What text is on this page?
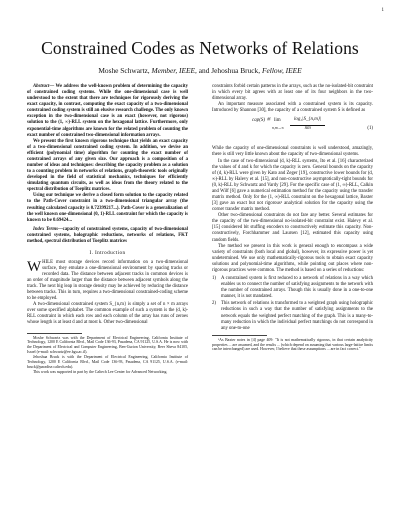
1
Constrained Codes as Networks of Relations
Moshe Schwartz, Member, IEEE, and Jehoshua Bruck, Fellow, IEEE

Abstract— We address the well-known problem of determining the capacity of constrained coding systems. While the one-dimensional case is well understood to the extent that there are techniques for rigorously deriving the exact capacity, in contrast, computing the exact capacity of a two-dimensional constrained coding system is still an elusive research challenge. The only known exception in the two-dimensional case is an exact (however, not rigorous) solution to the (1, ∞)-RLL system on the hexagonal lattice. Furthermore, only exponential-time algorithms are known for the related problem of counting the exact number of constrained two-dimensional information arrays.

We present the first known rigorous technique that yields an exact capacity of a two-dimensional constrained coding system. In addition, we devise an efficient (polynomial time) algorithm for counting the exact number of constrained arrays of any given size. Our approach is a composition of a number of ideas and techniques: describing the capacity problem as a solution to a counting problem in networks of relations, graph-theoretic tools originally developed in the field of statistical mechanics, techniques for efficiently simulating quantum circuits, as well as ideas from the theory related to the spectral distribution of Toeplitz matrices.

Using our technique we derive a closed form solution to the capacity related to the Path-Cover constraint in a two-dimensional triangular array (the resulting calculated capacity is 0.72399217...). Path-Cover is a generalization of the well known one-dimensional (0, 1)-RLL constraint for which the capacity is known to be 0.69424...

Index Terms—capacity of constrained systems, capacity of two-dimensional constrained systems, holographic reductions, networks of relations, FKT method, spectral distribution of Toeplitz matrices

I. Introduction

WHILE most storage devices record information on a two-dimensional surface, they emulate a one-dimensional environment by spacing tracks or recorded data. The distance between adjacent tracks in common devices is an order of magnitude larger than the distance between adjacent symbols along the track. The next big leap in storage density may be achieved by reducing the distance between tracks. This in turn, requires a two-dimensional constrained-coding scheme to be employed.

A two-dimensional constrained system S_{n,m} is simply a set of n × m arrays over some specified alphabet. The common example of such a system is the (d, k)-RLL constraint in which each row and each column of the array has runs of zeroes whose length is at least d and at most k. Other two-dimensional

Moshe Schwartz was with the Department of Electrical Engineering, California Institute of Technology, 1200 E California Blvd., Mail Code 136-93, Pasadena, CA 91125, U.S.A. He is now with the Department of Electrical and Computer Engineering, Ben-Gurion University, Beer Sheva 84105, Israel (e-mail: schwartz@ee.bgu.ac.il).

Jehoshua Bruck is with the Department of Electrical Engineering, California Institute of Technology, 1200 E California Blvd., Mail Code 136-93, Pasadena, CA 91125, U.S.A. (e-mail: bruck@paradise.caltech.edu).

This work was supported in part by the Caltech Lee Center for Advanced Networking.

constraints forbid certain patterns in the arrays, such as the no-isolated-bit constraint in which every bit agrees with at least one of its four neighbors in the two-dimensional array.

An important measure associated with a constrained system is its capacity. Introduced by Shannon [30], the capacity of a constrained system S is defined as

cap(S) ≝ lim
$n,m\to\infty \frac{\text{log₂|S\_\{n,m\}|}}{nm}$	(1)

While the capacity of one-dimensional constraints is well understood, amazingly, there is still very little known about the capacity of two-dimensional systems.

In the case of two-dimensional (d, k)-RLL systems, Ito et al. [16] characterized the values of d and k for which the capacity is zero. General bounds on the capacity of (d, k)-RLL were given by Kato and Zeger [19], constructive lower bounds for (d, ∞)-RLL by Halevy et al. [15], and non-constructive asymptotically-tight bounds for (0, k)-RLL by Schwartz and Vardy [29]. For the specific case of (1, ∞)-RLL, Calkin and Wilf [6] gave a numerical estimation method for the capacity using the transfer matrix method. Only for the (1, ∞)-RLL constraint on the hexagonal lattice, Baxter [3] gave an exact but not rigorous¹ analytical solution for the capacity using the corner transfer matrix method.

Other two-dimensional constraints do not fare any better. Several estimates for the capacity of the two-dimensional no-isolated-bit constraint exist. Halevy et al. [15] considered bit stuffing encoders to constructively estimate this capacity. Non-constructively, Forchhammer and Laursen [12], estimated this capacity using random fields.

The method we present in this work is general enough to encompass a wide variety of constraints (both local and global), however, its expressive power is yet undetermined. We use only mathematically-rigorous tools to obtain exact capacity solutions and polynomial-time algorithms, while pointing out places where non-rigorous practices were common. The method is based on a series of reductions:

1) A constrained system is first reduced to a network of relations in a way which enables us to connect the number of satisfying assignments to the network with the number of constrained arrays. Though this is usually done in a one-to-one manner, it is not mandated.
2) This network of relations is transformed to a weighted graph using holographic reductions in such a way that the number of satisfying assignments to the network equals the weighted perfect matching of the graph. This is a many-to-many reduction in which the individual perfect matchings do not correspond in any one-to-one

¹As Baxter notes in [4] page 409: "It is not mathematically rigorous, in that certain analyticity properties ... are assumed, and the results ... (which depend on assuming that various large-lattice limits can be interchanged) are used. However, I believe that these assumptions ... are in fact correct."
